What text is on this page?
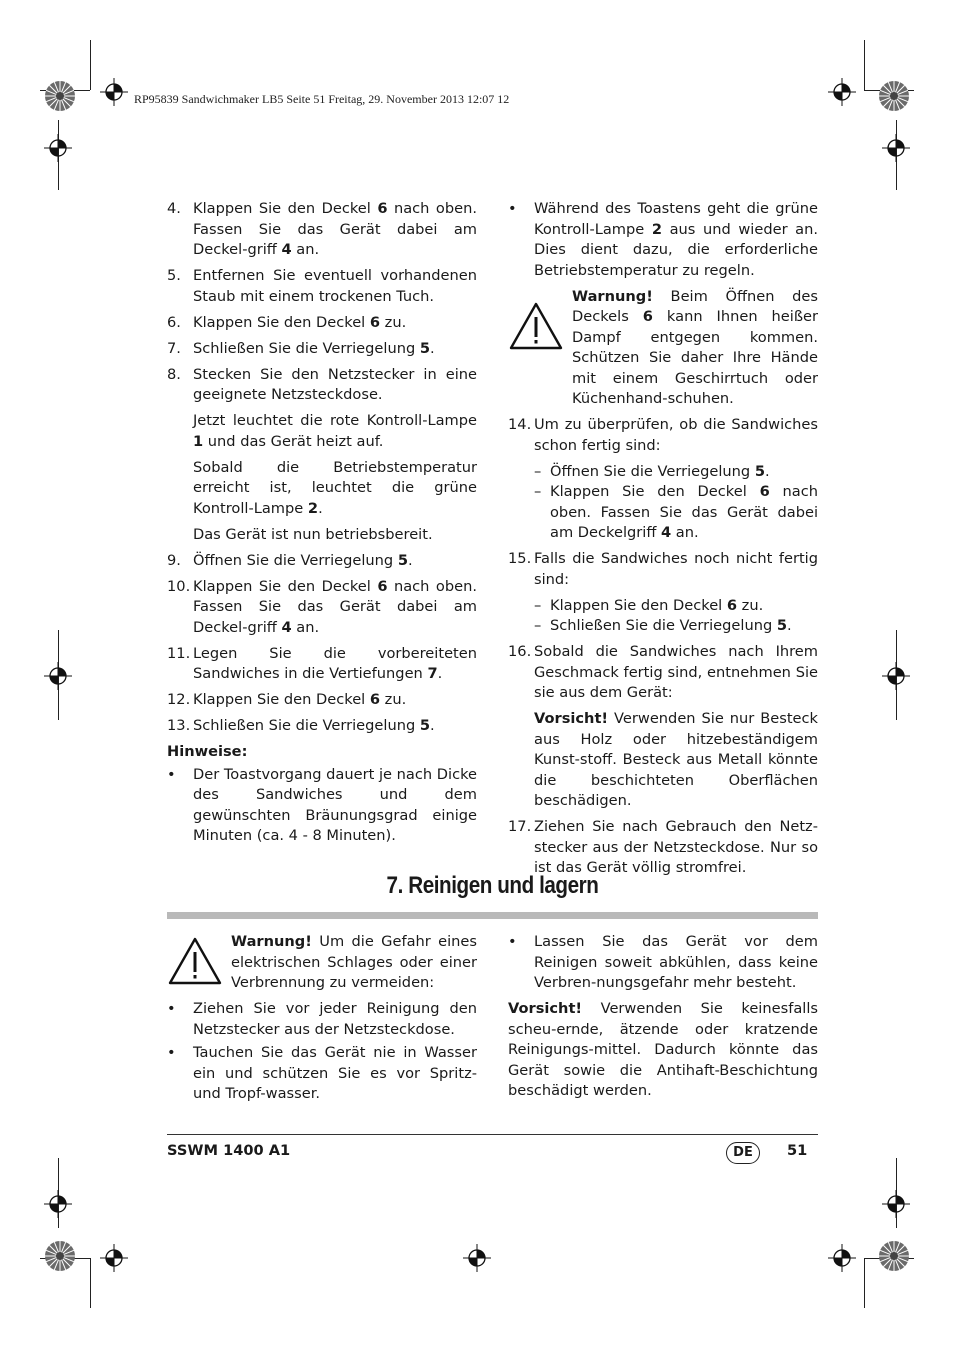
RP95839 Sandwichmaker LB5 Seite 51 Freitag, 29. November 2013 12:07 12
4. Klappen Sie den Deckel 6 nach oben. Fassen Sie das Gerät dabei am Deckel-griff 4 an.
5. Entfernen Sie eventuell vorhandenen Staub mit einem trockenen Tuch.
6. Klappen Sie den Deckel 6 zu.
7. Schließen Sie die Verriegelung 5.
8. Stecken Sie den Netzstecker in eine geeignete Netzsteckdose.

Jetzt leuchtet die rote Kontroll-Lampe 1 und das Gerät heizt auf.

Sobald die Betriebstemperatur erreicht ist, leuchtet die grüne Kontroll-Lampe 2.

Das Gerät ist nun betriebsbereit.

9. Öffnen Sie die Verriegelung 5.
10. Klappen Sie den Deckel 6 nach oben. Fassen Sie das Gerät dabei am Deckel-griff 4 an.
11. Legen Sie die vorbereiteten Sandwiches in die Vertiefungen 7.
12. Klappen Sie den Deckel 6 zu.
13. Schließen Sie die Verriegelung 5.

Hinweise:

•	Der Toastvorgang dauert je nach Dicke des Sandwiches und dem gewünschten Bräunungsgrad einige Minuten (ca. 4 - 8 Minuten).
•	Während des Toastens geht die grüne Kontroll-Lampe 2 aus und wieder an. Dies dient dazu, die erforderliche Betriebstemperatur zu regeln.
Warnung! Beim Öffnen des Deckels 6 kann Ihnen heißer Dampf entgegen kommen. Schützen Sie daher Ihre Hände mit einem Geschirrtuch oder Küchenhand-schuhen.
14. Um zu überprüfen, ob die Sandwiches schon fertig sind:
– Öffnen Sie die Verriegelung 5.
– Klappen Sie den Deckel 6 nach oben. Fassen Sie das Gerät dabei am Deckelgriff 4 an.
15. Falls die Sandwiches noch nicht fertig sind:
– Klappen Sie den Deckel 6 zu.
– Schließen Sie die Verriegelung 5.
16. Sobald die Sandwiches nach Ihrem Geschmack fertig sind, entnehmen Sie sie aus dem Gerät:

Vorsicht! Verwenden Sie nur Besteck aus Holz oder hitzebeständigem Kunst-stoff. Besteck aus Metall könnte die beschichteten Oberflächen beschädigen.

17. Ziehen Sie nach Gebrauch den Netz-stecker aus der Netzsteckdose. Nur so ist das Gerät völlig stromfrei.
7. Reinigen und lagern
Warnung! Um die Gefahr eines elektrischen Schlages oder einer Verbrennung zu vermeiden:
•	Ziehen Sie vor jeder Reinigung den Netzstecker aus der Netzsteckdose.
•	Tauchen Sie das Gerät nie in Wasser ein und schützen Sie es vor Spritz- und Tropf-wasser.
•	Lassen Sie das Gerät vor dem Reinigen soweit abkühlen, dass keine Verbren-nungsgefahr mehr besteht.

Vorsicht! Verwenden Sie keinesfalls scheu-ernde, ätzende oder kratzende Reinigungs-mittel. Dadurch könnte das Gerät sowie die Antihaft-Beschichtung beschädigt werden.

SSWM 1400 A1	DE	51
